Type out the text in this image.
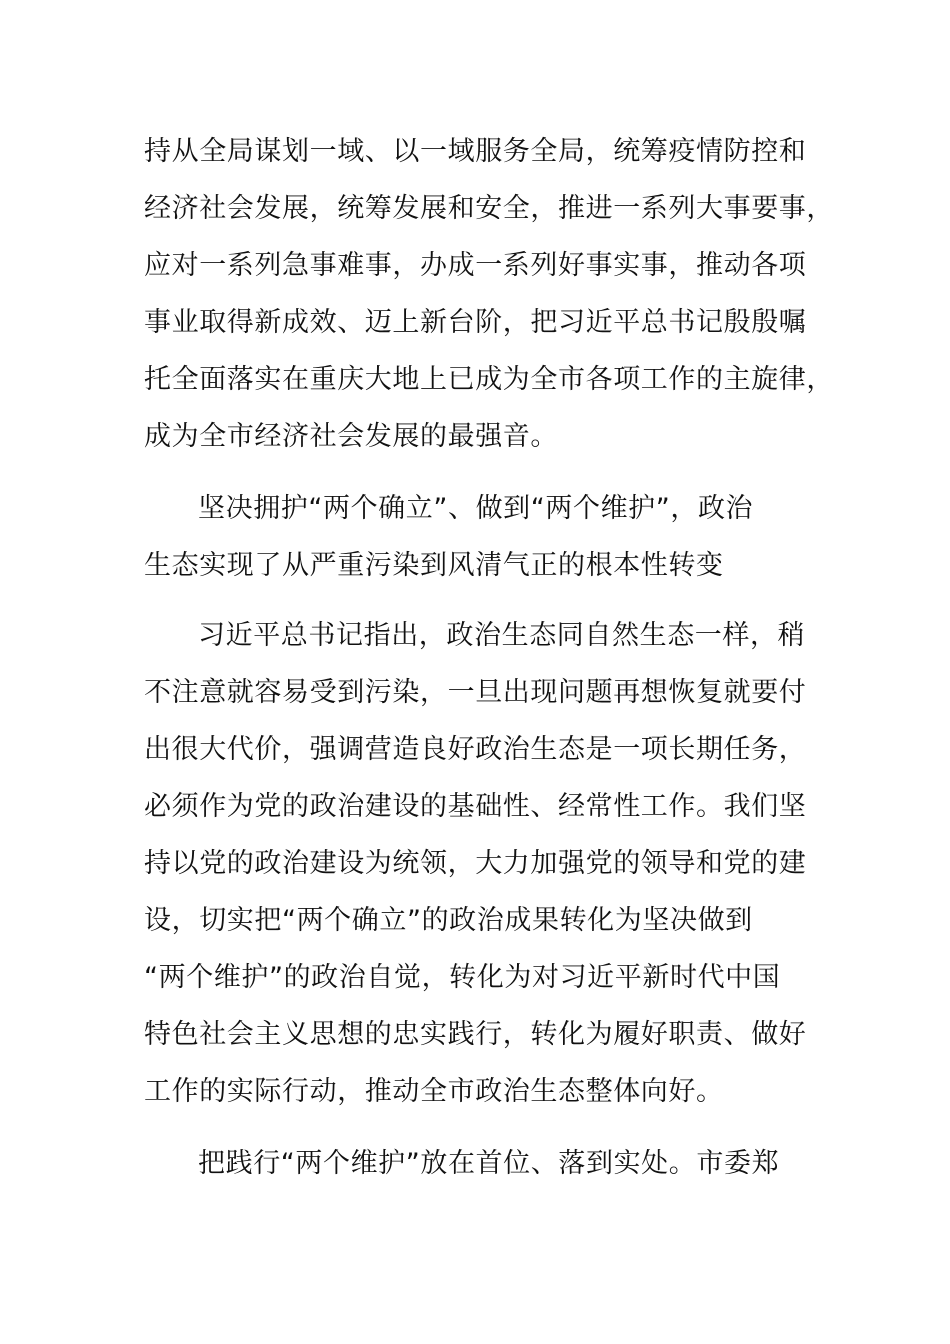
持从全局谋划一域、以一域服务全局，统筹疫情防控和
经济社会发展，统筹发展和安全，推进一系列大事要事，
应对一系列急事难事，办成一系列好事实事，推动各项
事业取得新成效、迈上新台阶，把习近平总书记殷殷嘱
托全面落实在重庆大地上已成为全市各项工作的主旋律，
成为全市经济社会发展的最强音。
坚决拥护“两个确立”、做到“两个维护”，政治
生态实现了从严重污染到风清气正的根本性转变
习近平总书记指出，政治生态同自然生态一样，稍
不注意就容易受到污染，一旦出现问题再想恢复就要付
出很大代价，强调营造良好政治生态是一项长期任务，
必须作为党的政治建设的基础性、经常性工作。我们坚
持以党的政治建设为统领，大力加强党的领导和党的建
设，切实把“两个确立”的政治成果转化为坚决做到
“两个维护”的政治自觉，转化为对习近平新时代中国
特色社会主义思想的忠实践行，转化为履好职责、做好
工作的实际行动，推动全市政治生态整体向好。
把践行“两个维护”放在首位、落到实处。市委郑
